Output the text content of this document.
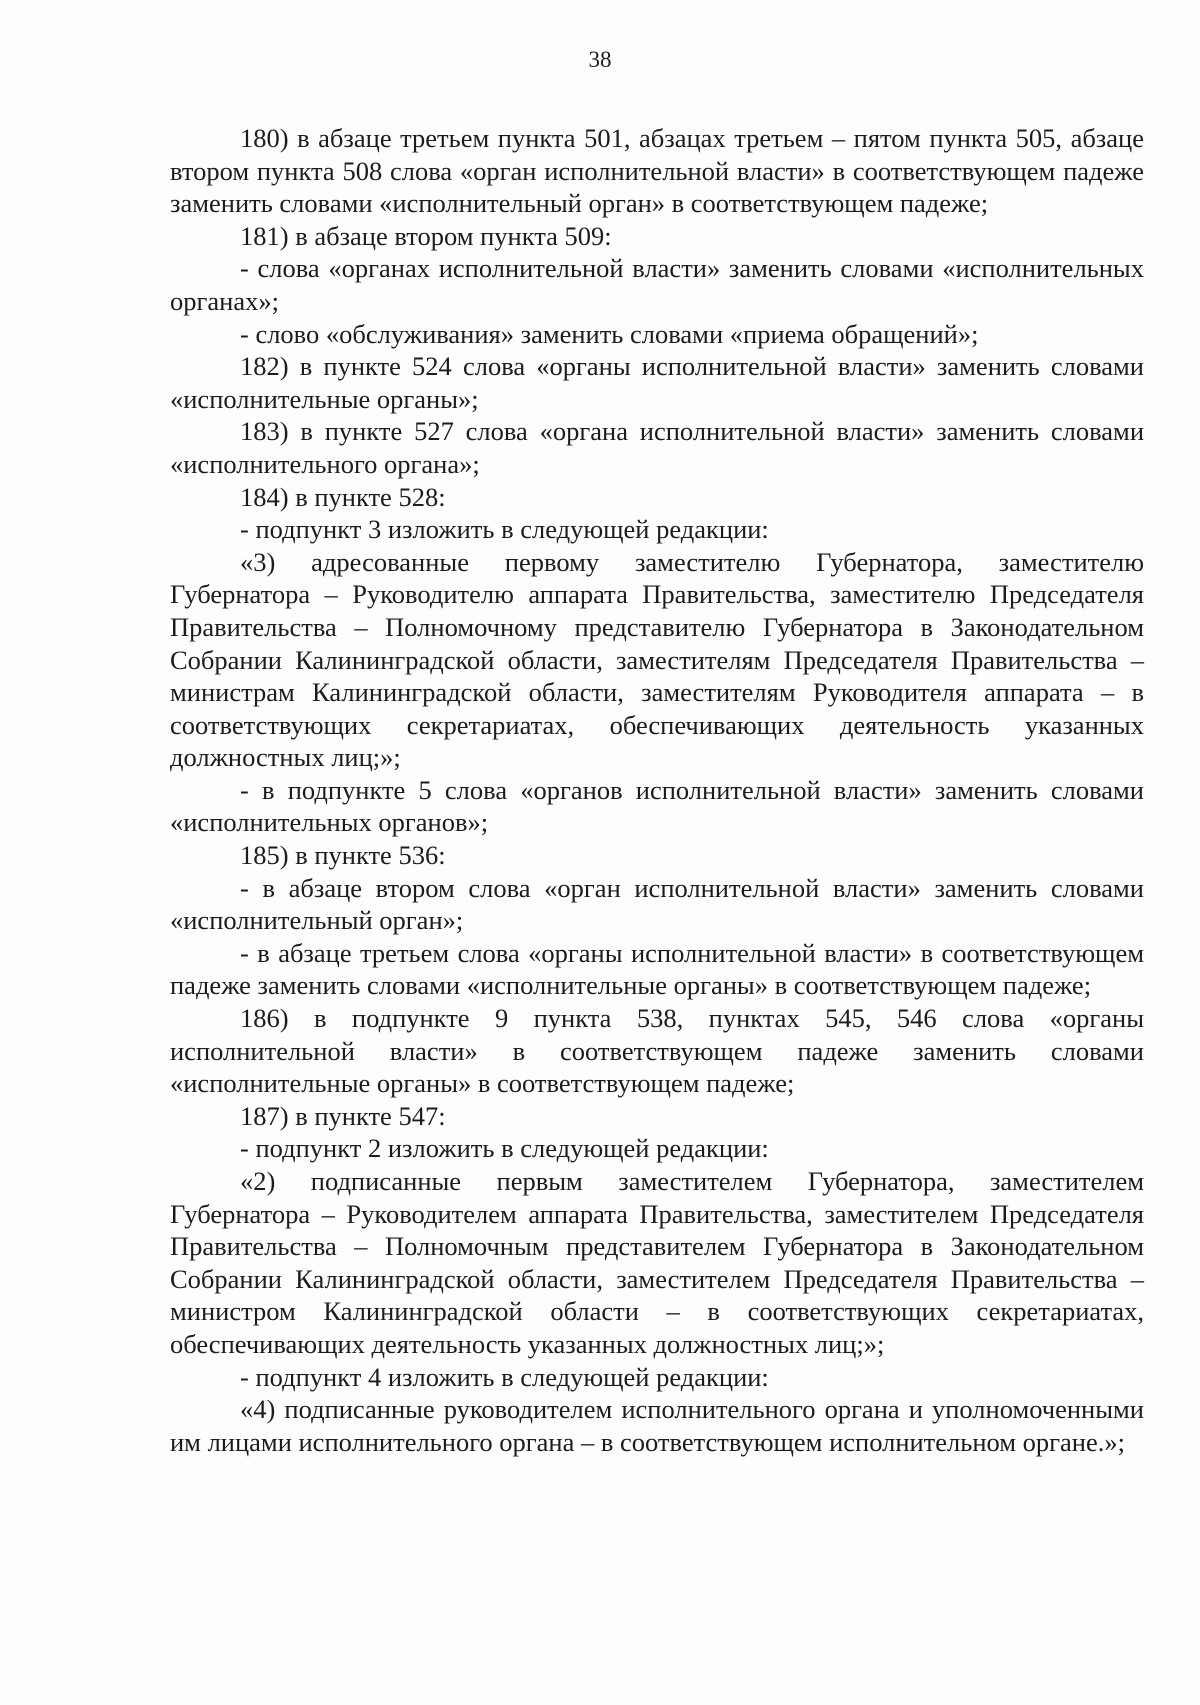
38

180) в абзаце третьем пункта 501, абзацах третьем – пятом пункта 505, абзаце втором пункта 508 слова «орган исполнительной власти» в соответствующем падеже заменить словами «исполнительный орган» в соответствующем падеже;

181) в абзаце втором пункта 509:

- слова «органах исполнительной власти» заменить словами «исполнительных органах»;

- слово «обслуживания» заменить словами «приема обращений»;

182) в пункте 524 слова «органы исполнительной власти» заменить словами «исполнительные органы»;

183) в пункте 527 слова «органа исполнительной власти» заменить словами «исполнительного органа»;

184) в пункте 528:

- подпункт 3 изложить в следующей редакции:

«3) адресованные первому заместителю Губернатора, заместителю Губернатора – Руководителю аппарата Правительства, заместителю Председателя Правительства – Полномочному представителю Губернатора в Законодательном Собрании Калининградской области, заместителям Председателя Правительства – министрам Калининградской области, заместителям Руководителя аппарата – в соответствующих секретариатах, обеспечивающих деятельность указанных должностных лиц;»;

- в подпункте 5 слова «органов исполнительной власти» заменить словами «исполнительных органов»;

185) в пункте 536:

- в абзаце втором слова «орган исполнительной власти» заменить словами «исполнительный орган»;

- в абзаце третьем слова «органы исполнительной власти» в соответствующем падеже заменить словами «исполнительные органы» в соответствующем падеже;

186) в подпункте 9 пункта 538, пунктах 545, 546 слова «органы исполнительной власти» в соответствующем падеже заменить словами «исполнительные органы» в соответствующем падеже;

187) в пункте 547:

- подпункт 2 изложить в следующей редакции:

«2) подписанные первым заместителем Губернатора, заместителем Губернатора – Руководителем аппарата Правительства, заместителем Председателя Правительства – Полномочным представителем Губернатора в Законодательном Собрании Калининградской области, заместителем Председателя Правительства – министром Калининградской области – в соответствующих секретариатах, обеспечивающих деятельность указанных должностных лиц;»;

- подпункт 4 изложить в следующей редакции:

«4) подписанные руководителем исполнительного органа и уполномоченными им лицами исполнительного органа – в соответствующем исполнительном органе.»;
